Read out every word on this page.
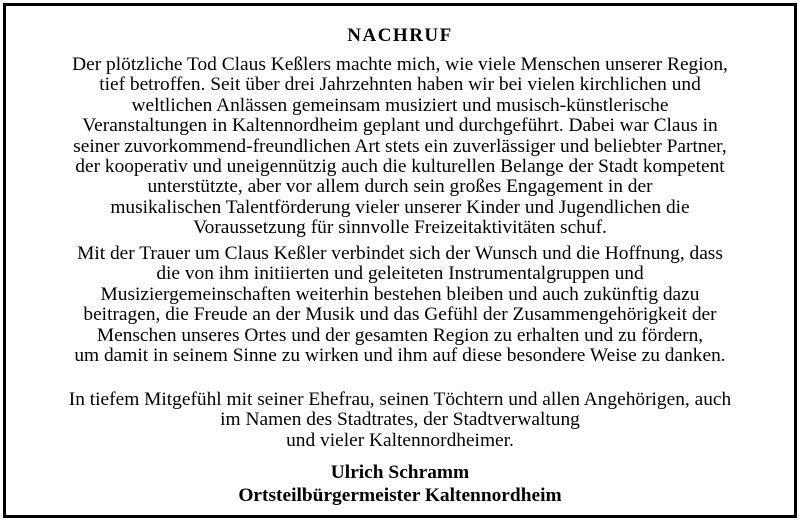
NACHRUF

Der plötzliche Tod Claus Keßlers machte mich, wie viele Menschen unserer Region,
tief betroffen. Seit über drei Jahrzehnten haben wir bei vielen kirchlichen und
weltlichen Anlässen gemeinsam musiziert und musisch-künstlerische
Veranstaltungen in Kaltennordheim geplant und durchgeführt. Dabei war Claus in
seiner zuvorkommend-freundlichen Art stets ein zuverlässiger und beliebter Partner,
der kooperativ und uneigennützig auch die kulturellen Belange der Stadt kompetent
unterstützte, aber vor allem durch sein großes Engagement in der
musikalischen Talentförderung vieler unserer Kinder und Jugendlichen die
Voraussetzung für sinnvolle Freizeitaktivitäten schuf.

Mit der Trauer um Claus Keßler verbindet sich der Wunsch und die Hoffnung, dass
die von ihm initiierten und geleiteten Instrumentalgruppen und
Musiziergemeinschaften weiterhin bestehen bleiben und auch zukünftig dazu
beitragen, die Freude an der Musik und das Gefühl der Zusammengehörigkeit der
Menschen unseres Ortes und der gesamten Region zu erhalten und zu fördern,
um damit in seinem Sinne zu wirken und ihm auf diese besondere Weise zu danken.

In tiefem Mitgefühl mit seiner Ehefrau, seinen Töchtern und allen Angehörigen, auch
im Namen des Stadtrates, der Stadtverwaltung
und vieler Kaltennordheimer.

Ulrich Schramm
Ortsteilbürgermeister Kaltennordheim
